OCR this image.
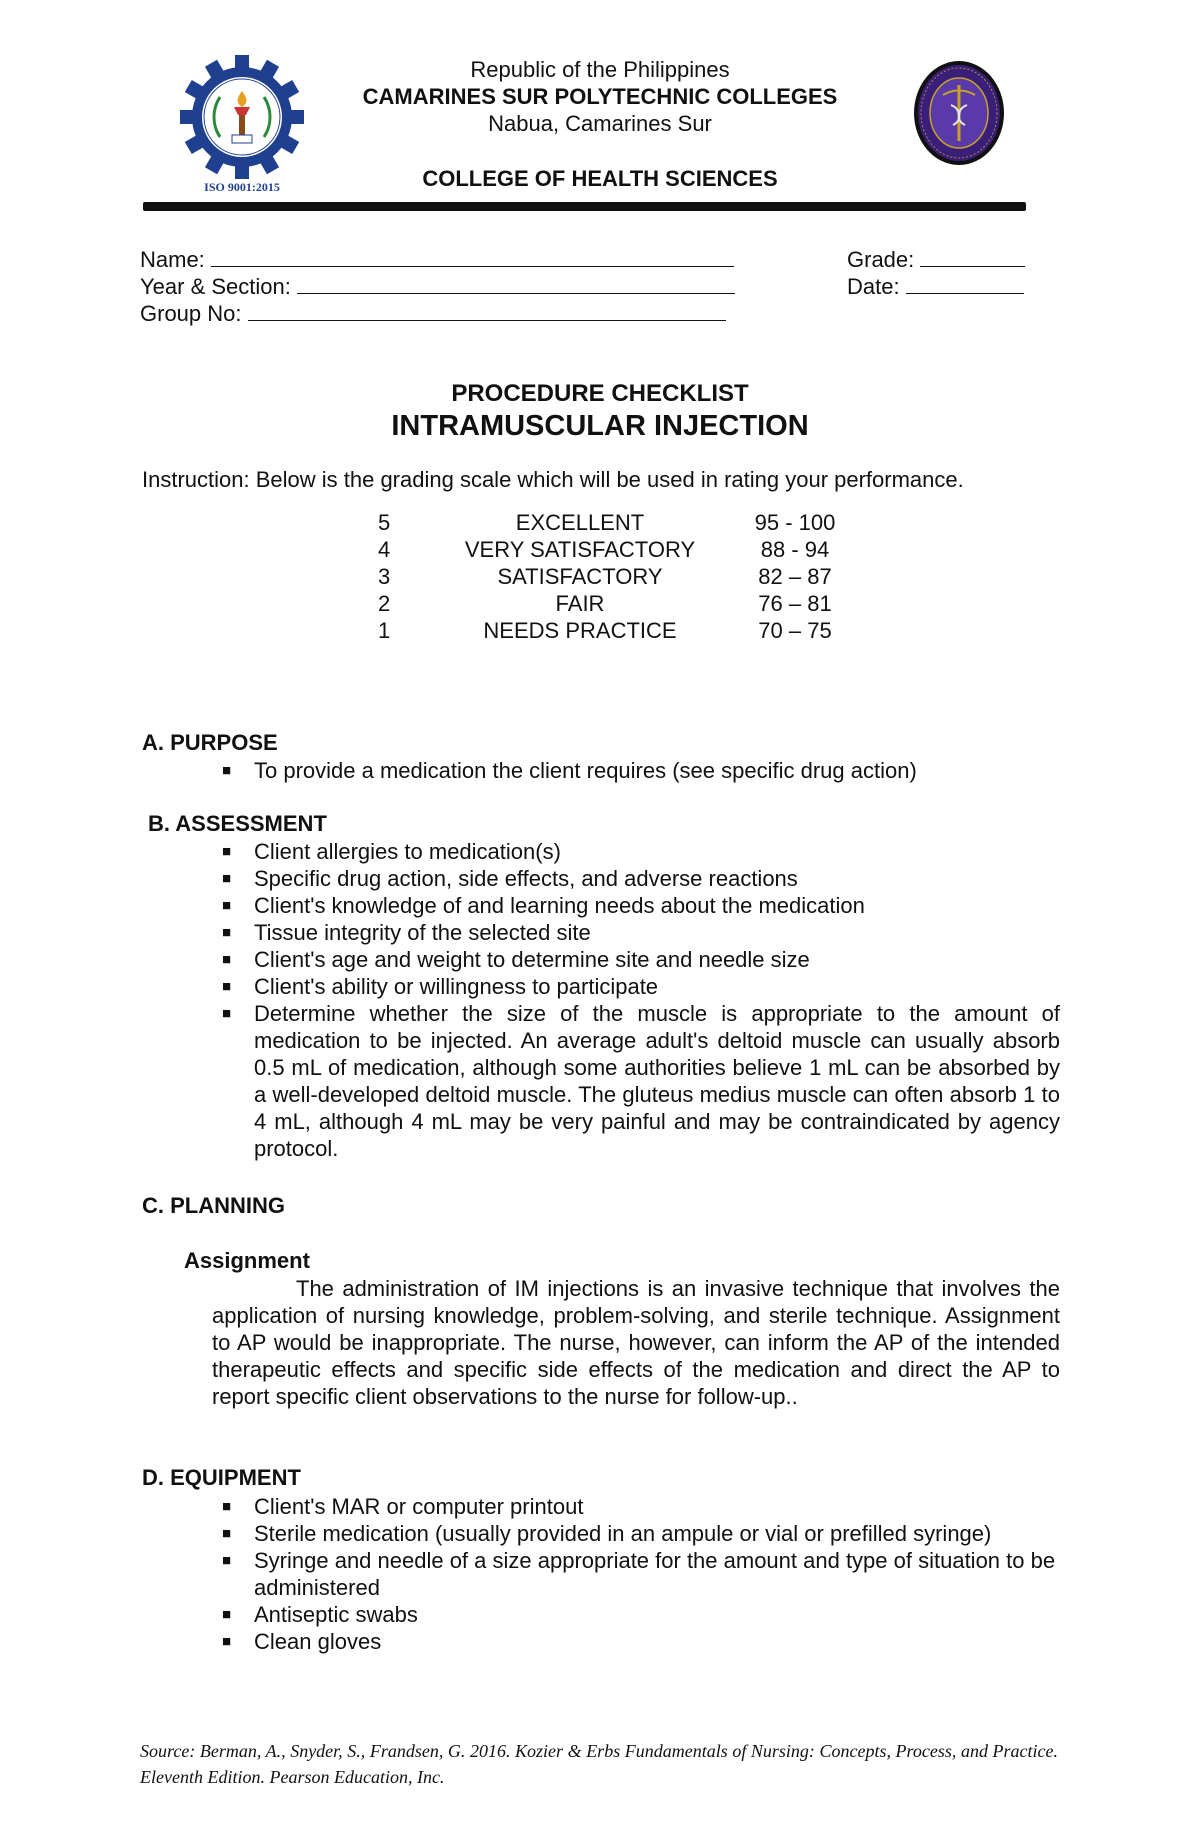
ISO 9001:2015
Republic of the Philippines
CAMARINES SUR POLYTECHNIC COLLEGES
Nabua, Camarines Sur
COLLEGE OF HEALTH SCIENCES
Name:
Year & Section:
Group No:
Grade:
Date:
PROCEDURE CHECKLIST
INTRAMUSCULAR INJECTION
Instruction: Below is the grading scale which will be used in rating your performance.
5	EXCELLENT	95 - 100
4	VERY SATISFACTORY	88 - 94
3	SATISFACTORY	82 – 87
2	FAIR	76 – 81
1	NEEDS PRACTICE	70 – 75
A. PURPOSE
■ To provide a medication the client requires (see specific drug action)
B. ASSESSMENT
■ Client allergies to medication(s)
■ Specific drug action, side effects, and adverse reactions
■ Client's knowledge of and learning needs about the medication
■ Tissue integrity of the selected site
■ Client's age and weight to determine site and needle size
■ Client's ability or willingness to participate
■ Determine whether the size of the muscle is appropriate to the amount of medication to be injected. An average adult's deltoid muscle can usually absorb 0.5 mL of medication, although some authorities believe 1 mL can be absorbed by a well-developed deltoid muscle. The gluteus medius muscle can often absorb 1 to 4 mL, although 4 mL may be very painful and may be contraindicated by agency protocol.
C. PLANNING
Assignment
The administration of IM injections is an invasive technique that involves the application of nursing knowledge, problem-solving, and sterile technique. Assignment to AP would be inappropriate. The nurse, however, can inform the AP of the intended therapeutic effects and specific side effects of the medication and direct the AP to report specific client observations to the nurse for follow-up..
D. EQUIPMENT
■ Client's MAR or computer printout
■ Sterile medication (usually provided in an ampule or vial or prefilled syringe)
■ Syringe and needle of a size appropriate for the amount and type of situation to be administered
■ Antiseptic swabs
■ Clean gloves
Source: Berman, A., Snyder, S., Frandsen, G. 2016. Kozier & Erbs Fundamentals of Nursing: Concepts, Process, and Practice. Eleventh Edition. Pearson Education, Inc.
